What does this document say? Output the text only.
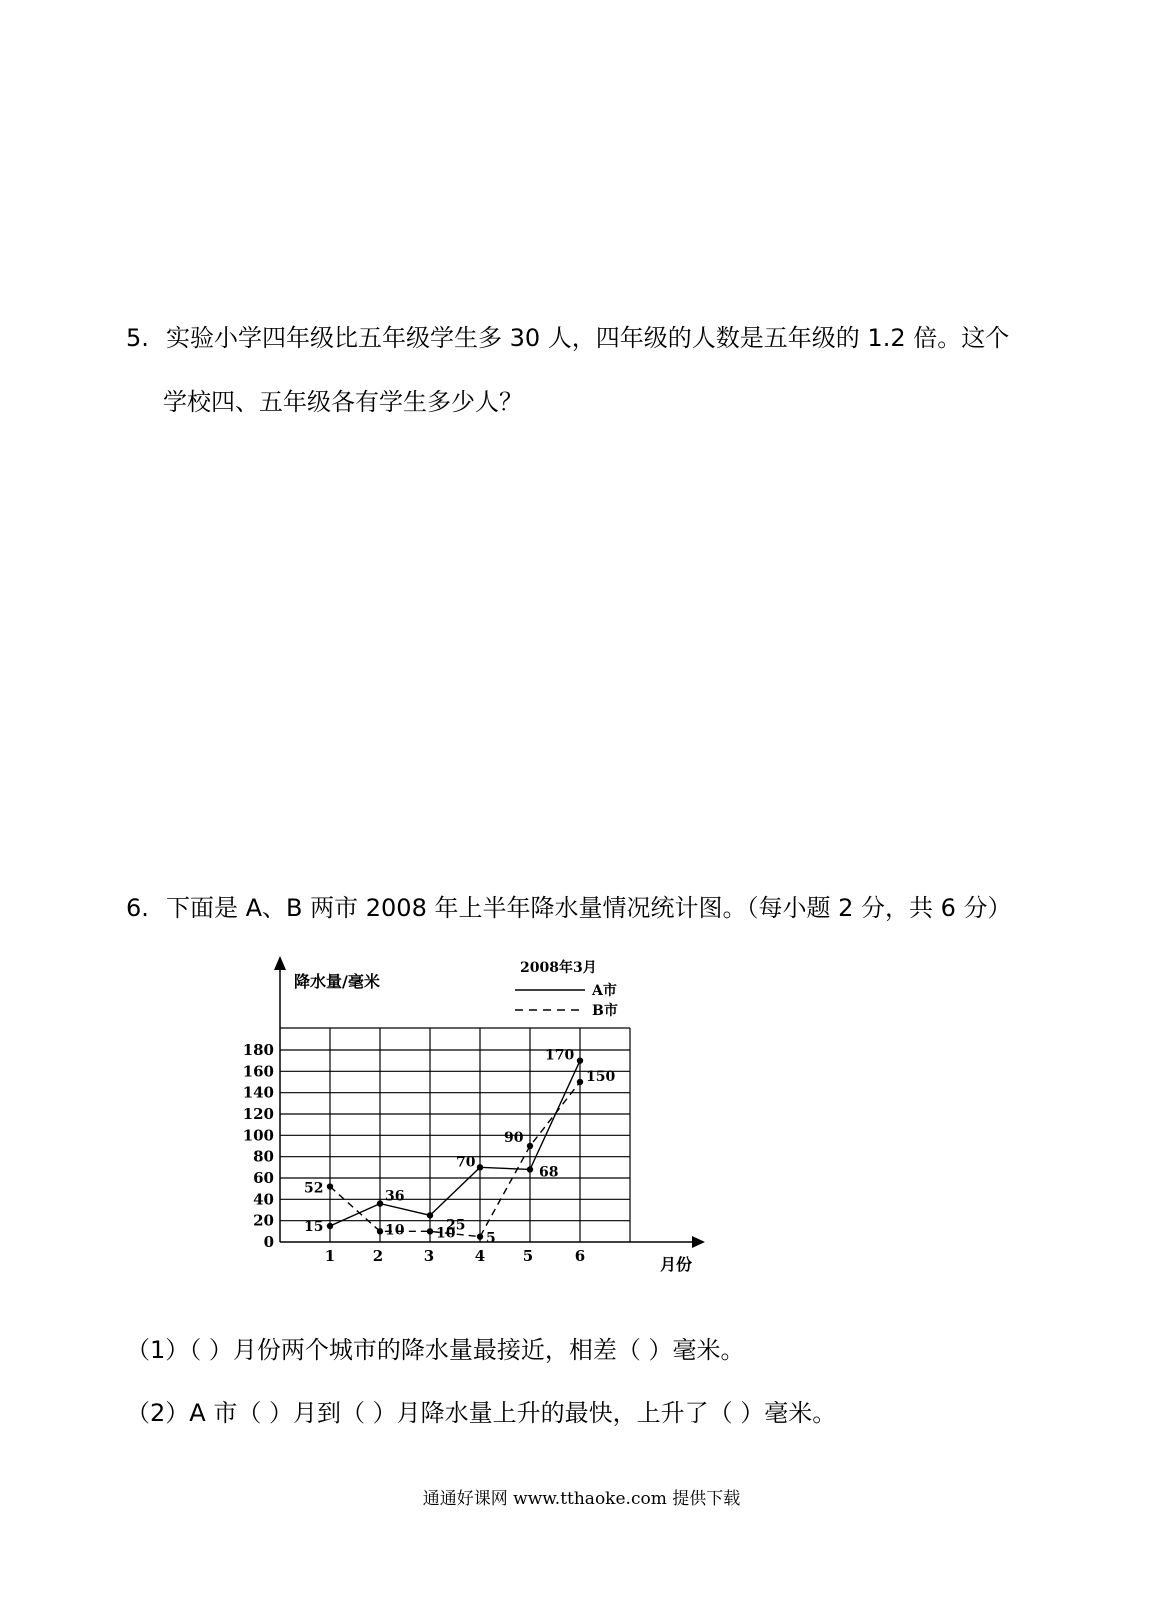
5. 实验小学四年级比五年级学生多 30 人，四年级的人数是五年级的 1.2 倍。这个
学校四、五年级各有学生多少人？
6. 下面是 A、B 两市 2008 年上半年降水量情况统计图。（每小题 2 分，共 6 分）
0
20
40
60
80
100
120
140
160
180
1	2	3	4	5	6
15
36
25
70
68
170
52
10 10 5
90
150
降水量/毫米
月份
2008年3月
A市
B市
（1）（ ）月份两个城市的降水量最接近，相差（ ）毫米。
（2）A 市（ ）月到（ ）月降水量上升的最快，上升了（ ）毫米。
通通好课网 www.tthaoke.com 提供下载
